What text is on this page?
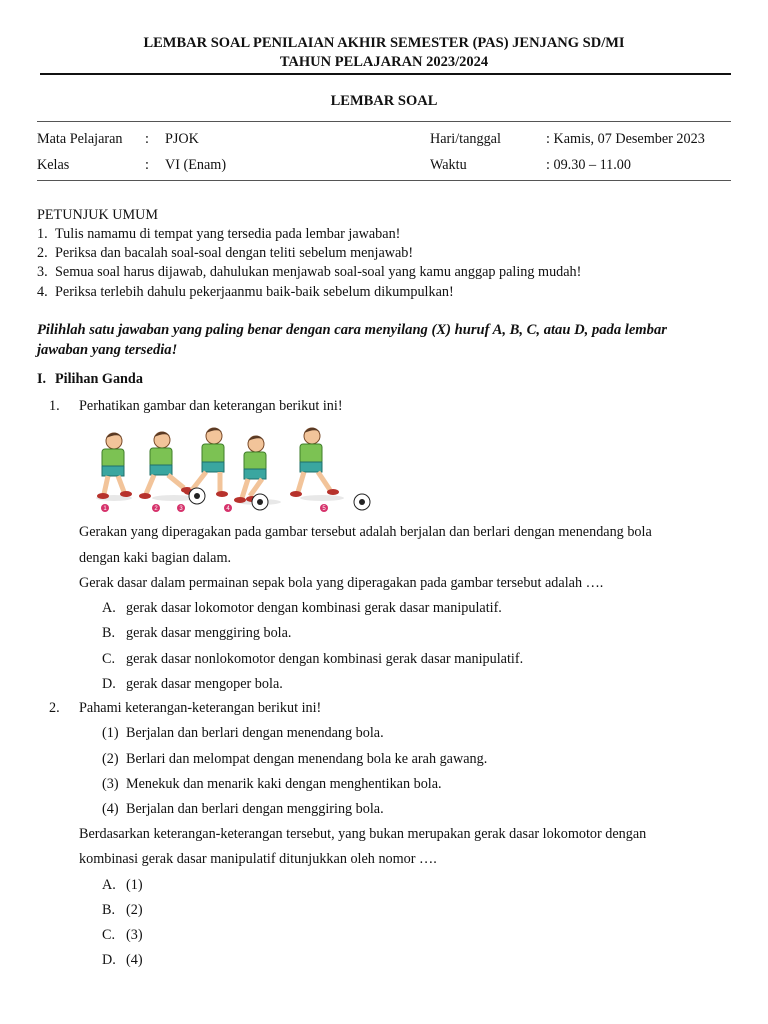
LEMBAR SOAL PENILAIAN AKHIR SEMESTER (PAS) JENJANG SD/MI
TAHUN PELAJARAN 2023/2024
LEMBAR SOAL
Mata Pelajaran : PJOK	Hari/tanggal	: Kamis, 07 Desember 2023
Kelas	: VI (Enam)	Waktu	: 09.30 – 11.00
PETUNJUK UMUM
1. Tulis namamu di tempat yang tersedia pada lembar jawaban!
2. Periksa dan bacalah soal-soal dengan teliti sebelum menjawab!
3. Semua soal harus dijawab, dahulukan menjawab soal-soal yang kamu anggap paling mudah!
4. Periksa terlebih dahulu pekerjaanmu baik-baik sebelum dikumpulkan!
Pilihlah satu jawaban yang paling benar dengan cara menyilang (X) huruf A, B, C, atau D, pada lembar
jawaban yang tersedia!
I. Pilihan Ganda
1. Perhatikan gambar dan keterangan berikut ini!
1	2	3	4	5
Gerakan yang diperagakan pada gambar tersebut adalah berjalan dan berlari dengan menendang bola
dengan kaki bagian dalam.
Gerak dasar dalam permainan sepak bola yang diperagakan pada gambar tersebut adalah ….
A. gerak dasar lokomotor dengan kombinasi gerak dasar manipulatif.
B. gerak dasar menggiring bola.
C. gerak dasar nonlokomotor dengan kombinasi gerak dasar manipulatif.
D. gerak dasar mengoper bola.
2. Pahami keterangan-keterangan berikut ini!
(1) Berjalan dan berlari dengan menendang bola.
(2) Berlari dan melompat dengan menendang bola ke arah gawang.
(3) Menekuk dan menarik kaki dengan menghentikan bola.
(4) Berjalan dan berlari dengan menggiring bola.
Berdasarkan keterangan-keterangan tersebut, yang bukan merupakan gerak dasar lokomotor dengan
kombinasi gerak dasar manipulatif ditunjukkan oleh nomor ….
A. (1)
B. (2)
C. (3)
D. (4)
